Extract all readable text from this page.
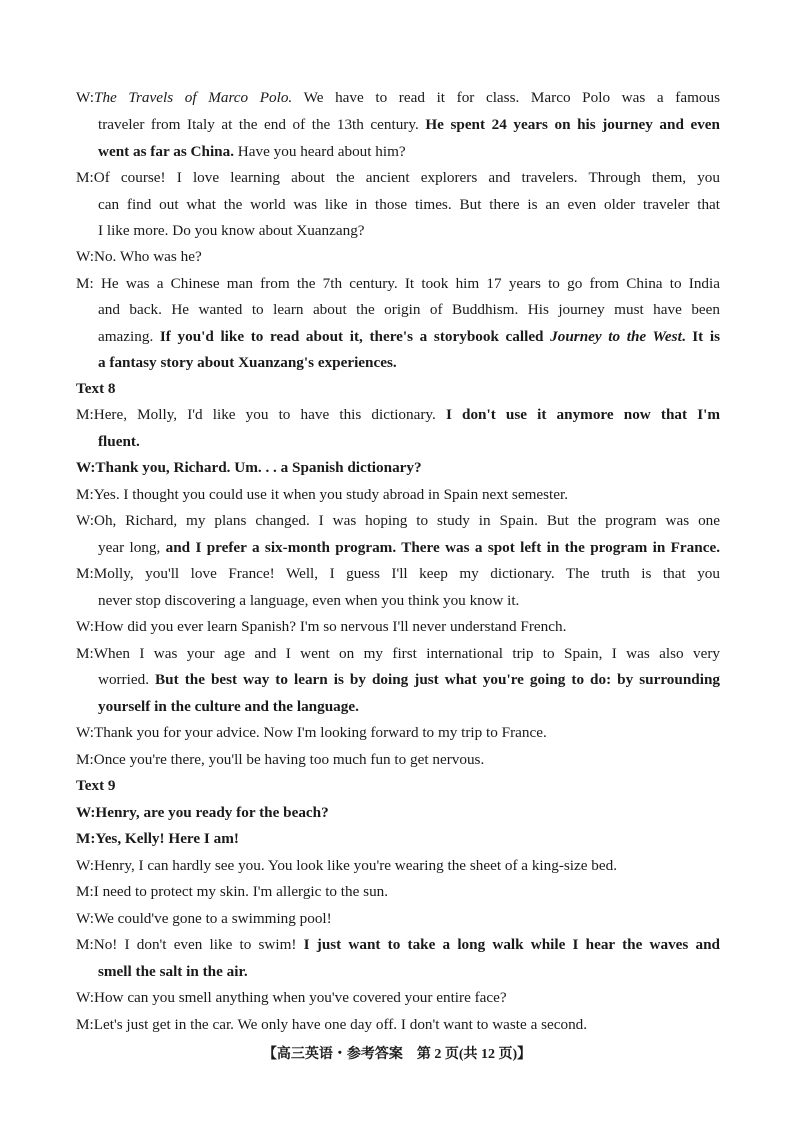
W:The Travels of Marco Polo. We have to read it for class. Marco Polo was a famous
traveler from Italy at the end of the 13th century. He spent 24 years on his journey and even
went as far as China. Have you heard about him?
M:Of course! I love learning about the ancient explorers and travelers. Through them, you
can find out what the world was like in those times. But there is an even older traveler that
I like more. Do you know about Xuanzang?
W:No. Who was he?
M: He was a Chinese man from the 7th century. It took him 17 years to go from China to India
and back. He wanted to learn about the origin of Buddhism. His journey must have been
amazing. If you'd like to read about it, there's a storybook called Journey to the West. It is
a fantasy story about Xuanzang's experiences.
Text 8
M:Here, Molly, I'd like you to have this dictionary. I don't use it anymore now that I'm
fluent.
W:Thank you, Richard. Um. . . a Spanish dictionary?
M:Yes. I thought you could use it when you study abroad in Spain next semester.
W:Oh, Richard, my plans changed. I was hoping to study in Spain. But the program was one
year long, and I prefer a six-month program. There was a spot left in the program in France.
M:Molly, you'll love France! Well, I guess I'll keep my dictionary. The truth is that you
never stop discovering a language, even when you think you know it.
W:How did you ever learn Spanish? I'm so nervous I'll never understand French.
M:When I was your age and I went on my first international trip to Spain, I was also very
worried. But the best way to learn is by doing just what you're going to do: by surrounding
yourself in the culture and the language.
W:Thank you for your advice. Now I'm looking forward to my trip to France.
M:Once you're there, you'll be having too much fun to get nervous.
Text 9
W:Henry, are you ready for the beach?
M:Yes, Kelly! Here I am!
W:Henry, I can hardly see you. You look like you're wearing the sheet of a king-size bed.
M:I need to protect my skin. I'm allergic to the sun.
W:We could've gone to a swimming pool!
M:No! I don't even like to swim! I just want to take a long walk while I hear the waves and
smell the salt in the air.
W:How can you smell anything when you've covered your entire face?
M:Let's just get in the car. We only have one day off. I don't want to waste a second.
【高三英语・参考答案　第 2 页(共 12 页)】
